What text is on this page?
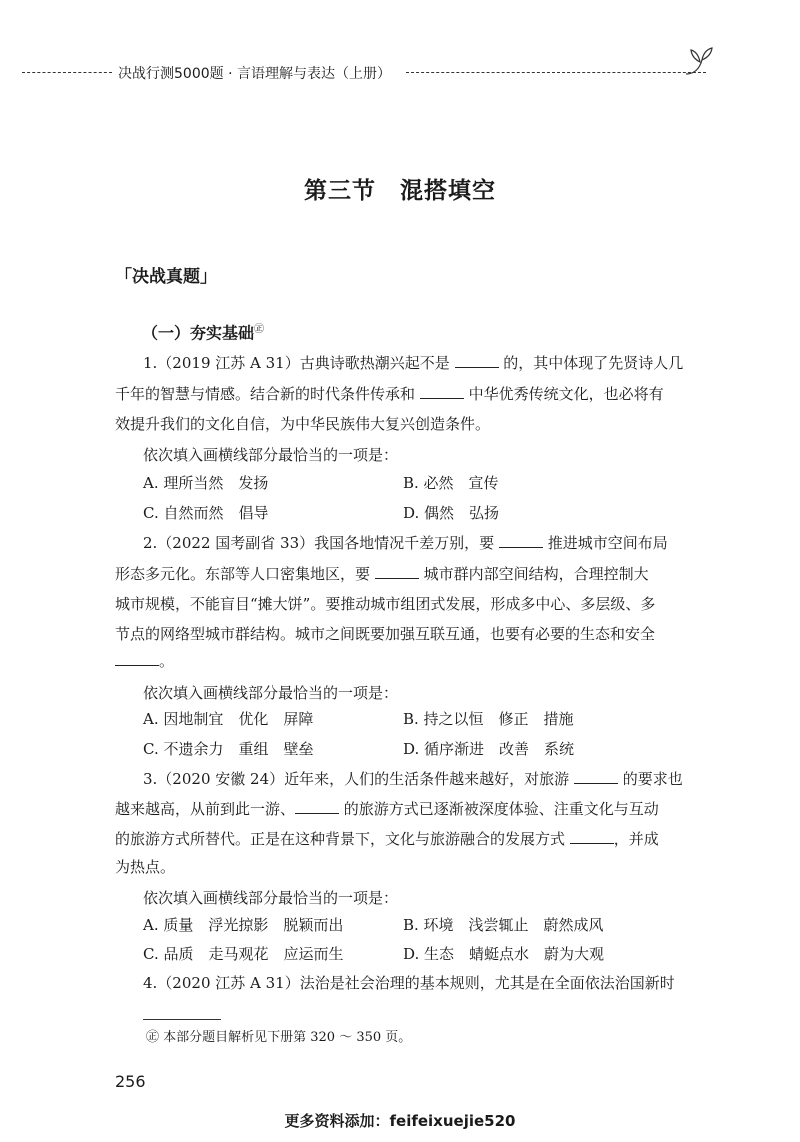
决战行测5000题 · 言语理解与表达（上册）
第三节　混搭填空
「决战真题」
（一）夯实基础㊣
1.（2019 江苏 A 31）古典诗歌热潮兴起不是	的，其中体现了先贤诗人几
千年的智慧与情感。结合新的时代条件传承和	中华优秀传统文化，也必将有
效提升我们的文化自信，为中华民族伟大复兴创造条件。
依次填入画横线部分最恰当的一项是：
A. 理所当然　发扬	B. 必然　宣传
C. 自然而然　倡导	D. 偶然　弘扬
2.（2022 国考副省 33）我国各地情况千差万别，要	推进城市空间布局
形态多元化。东部等人口密集地区，要	城市群内部空间结构，合理控制大
城市规模，不能盲目“摊大饼”。要推动城市组团式发展，形成多中心、多层级、多
节点的网络型城市群结构。城市之间既要加强互联互通，也要有必要的生态和安全
。
依次填入画横线部分最恰当的一项是：
A. 因地制宜　优化　屏障	B. 持之以恒　修正　措施
C. 不遗余力　重组　壁垒	D. 循序渐进　改善　系统
3.（2020 安徽 24）近年来，人们的生活条件越来越好，对旅游	的要求也
越来越高，从前到此一游、	的旅游方式已逐渐被深度体验、注重文化与互动
的旅游方式所替代。正是在这种背景下，文化与旅游融合的发展方式	，并成
为热点。
依次填入画横线部分最恰当的一项是：
A. 质量　浮光掠影　脱颖而出	B. 环境　浅尝辄止　蔚然成风
C. 品质　走马观花　应运而生	D. 生态　蜻蜓点水　蔚为大观
4.（2020 江苏 A 31）法治是社会治理的基本规则，尤其是在全面依法治国新时
㊣ 本部分题目解析见下册第 320 ～ 350 页。
256
更多资料添加：feifeixuejie520
